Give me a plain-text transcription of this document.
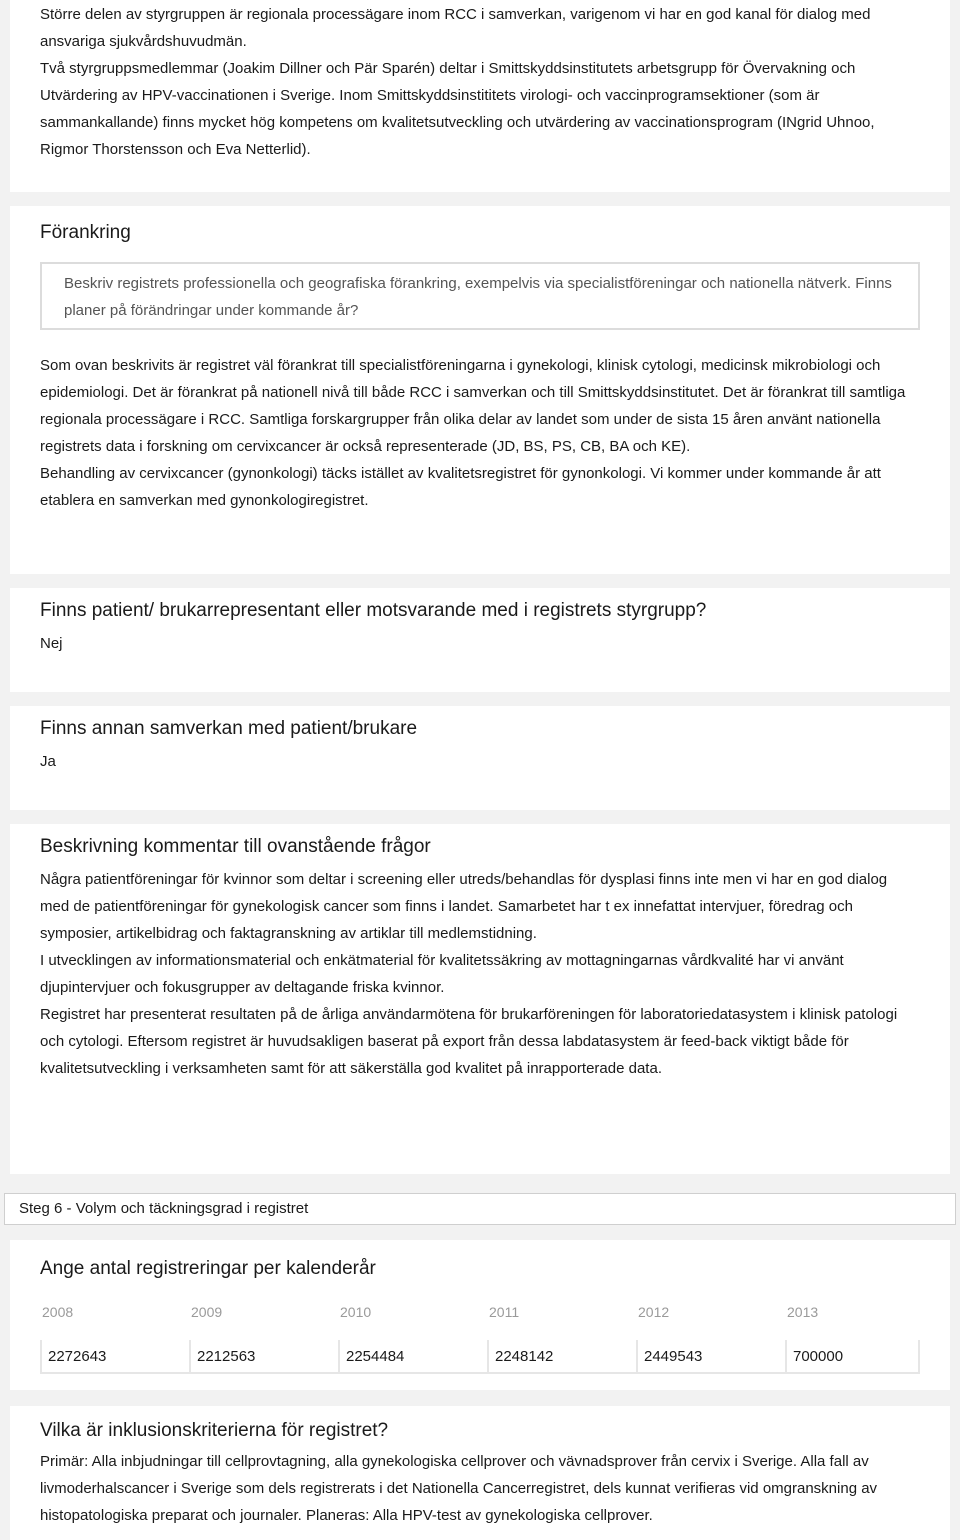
Större delen av styrgruppen är regionala processägare inom RCC i samverkan, varigenom vi har en god kanal för dialog med ansvariga sjukvårdshuvudmän.

Två styrgruppsmedlemmar (Joakim Dillner och Pär Sparén) deltar i Smittskyddsinstitutets arbetsgrupp för Övervakning och Utvärdering av HPV-vaccinationen i Sverige. Inom Smittskyddsinstititets virologi- och vaccinprogramsektioner (som är sammankallande) finns mycket hög kompetens om kvalitetsutveckling och utvärdering av vaccinationsprogram (INgrid Uhnoo, Rigmor Thorstensson och Eva Netterlid).

Förankring

Beskriv registrets professionella och geografiska förankring, exempelvis via specialistföreningar och nationella nätverk. Finns planer på förändringar under kommande år?

Som ovan beskrivits är registret väl förankrat till specialistföreningarna i gynekologi, klinisk cytologi, medicinsk mikrobiologi och epidemiologi. Det är förankrat på nationell nivå till både RCC i samverkan och till Smittskyddsinstitutet. Det är förankrat till samtliga regionala processägare i RCC. Samtliga forskargrupper från olika delar av landet som under de sista 15 åren använt nationella registrets data i forskning om cervixcancer är också representerade (JD, BS, PS, CB, BA och KE).

Behandling av cervixcancer (gynonkologi) täcks istället av kvalitetsregistret för gynonkologi. Vi kommer under kommande år att etablera en samverkan med gynonkologiregistret.

Finns patient/ brukarrepresentant eller motsvarande med i registrets styrgrupp?

Nej

Finns annan samverkan med patient/brukare

Ja

Beskrivning kommentar till ovanstående frågor

Några patientföreningar för kvinnor som deltar i screening eller utreds/behandlas för dysplasi finns inte men vi har en god dialog med de patientföreningar för gynekologisk cancer som finns i landet. Samarbetet har t ex innefattat intervjuer, föredrag och symposier, artikelbidrag och faktagranskning av artiklar till medlemstidning.

I utvecklingen av informationsmaterial och enkätmaterial för kvalitetssäkring av mottagningarnas vårdkvalité har vi använt djupintervjuer och fokusgrupper av deltagande friska kvinnor.

Registret har presenterat resultaten på de årliga användarmötena för brukarföreningen för laboratoriedatasystem i klinisk patologi och cytologi. Eftersom registret är huvudsakligen baserat på export från dessa labdatasystem är feed-back viktigt både för kvalitetsutveckling i verksamheten samt för att säkerställa god kvalitet på inrapporterade data.

Steg 6 - Volym och täckningsgrad i registret
Ange antal registreringar per kalenderår
2008	2009	2010	2011	2012	2013

2272643	2212563	2254484	2248142	2449543	700000
Vilka är inklusionskriterierna för registret?

Primär: Alla inbjudningar till cellprovtagning, alla gynekologiska cellprover och vävnadsprover från cervix i Sverige. Alla fall av livmoderhalscancer i Sverige som dels registrerats i det Nationella Cancerregistret, dels kunnat verifieras vid omgranskning av histopatologiska preparat och journaler. Planeras: Alla HPV-test av gynekologiska cellprover.
